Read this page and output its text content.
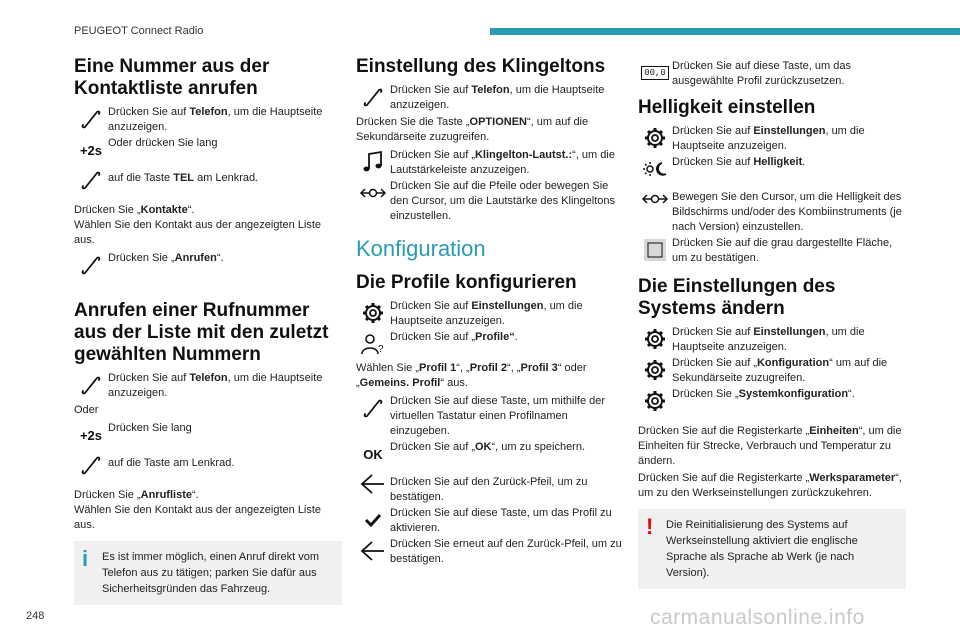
PEUGEOT Connect Radio
Eine Nummer aus der
Kontaktliste anrufen
Drücken Sie auf Telefon, um die Hauptseite anzuzeigen.
+2s Oder drücken Sie lang
auf die Taste TEL am Lenkrad.
Drücken Sie „Kontakte“.
Wählen Sie den Kontakt aus der angezeigten Liste aus.
Drücken Sie „Anrufen“.
Anrufen einer Rufnummer
aus der Liste mit den zuletzt
gewählten Nummern
Drücken Sie auf Telefon, um die Hauptseite anzuzeigen.
Oder
+2s Drücken Sie lang
auf die Taste am Lenkrad.
Drücken Sie „Anrufliste“.
Wählen Sie den Kontakt aus der angezeigten Liste aus.
i	Es ist immer möglich, einen Anruf direkt vom Telefon aus zu tätigen; parken Sie dafür aus Sicherheitsgründen das Fahrzeug.
Einstellung des Klingeltons
Drücken Sie auf Telefon, um die Hauptseite anzuzeigen.
Drücken Sie die Taste „OPTIONEN“, um auf die Sekundärseite zuzugreifen.
Drücken Sie auf „Klingelton-Lautst.:“, um die Lautstärkeleiste anzuzeigen.
Drücken Sie auf die Pfeile oder bewegen Sie den Cursor, um die Lautstärke des Klingeltons einzustellen.
Konfiguration
Die Profile konfigurieren
Drücken Sie auf Einstellungen, um die Hauptseite anzuzeigen.
?
Drücken Sie auf „Profile“.
Wählen Sie „Profil 1“, „Profil 2“, „Profil 3“ oder „Gemeins. Profil“ aus.
Drücken Sie auf diese Taste, um mithilfe der virtuellen Tastatur einen Profilnamen einzugeben.
OK Drücken Sie auf „OK“, um zu speichern.
Drücken Sie auf den Zurück-Pfeil, um zu bestätigen.
Drücken Sie auf diese Taste, um das Profil zu aktivieren.
Drücken Sie erneut auf den Zurück-Pfeil, um zu bestätigen.
00,0
Drücken Sie auf diese Taste, um das ausgewählte Profil zurückzusetzen.
Helligkeit einstellen
Drücken Sie auf Einstellungen, um die Hauptseite anzuzeigen.
Drücken Sie auf Helligkeit.
Bewegen Sie den Cursor, um die Helligkeit des Bildschirms und/oder des Kombiinstruments (je nach Version) einzustellen.
Drücken Sie auf die grau dargestellte Fläche, um zu bestätigen.
Die Einstellungen des
Systems ändern
Drücken Sie auf Einstellungen, um die Hauptseite anzuzeigen.
Drücken Sie auf „Konfiguration“ um auf die Sekundärseite zuzugreifen.
Drücken Sie „Systemkonfiguration“.
Drücken Sie auf die Registerkarte „Einheiten“, um die Einheiten für Strecke, Verbrauch und Temperatur zu ändern.
Drücken Sie auf die Registerkarte „Werksparameter“, um zu den Werkseinstellungen zurückzukehren.
!	Die Reinitialisierung des Systems auf Werkseinstellung aktiviert die englische Sprache als Sprache ab Werk (je nach Version).
248	carmanualsonline.info
